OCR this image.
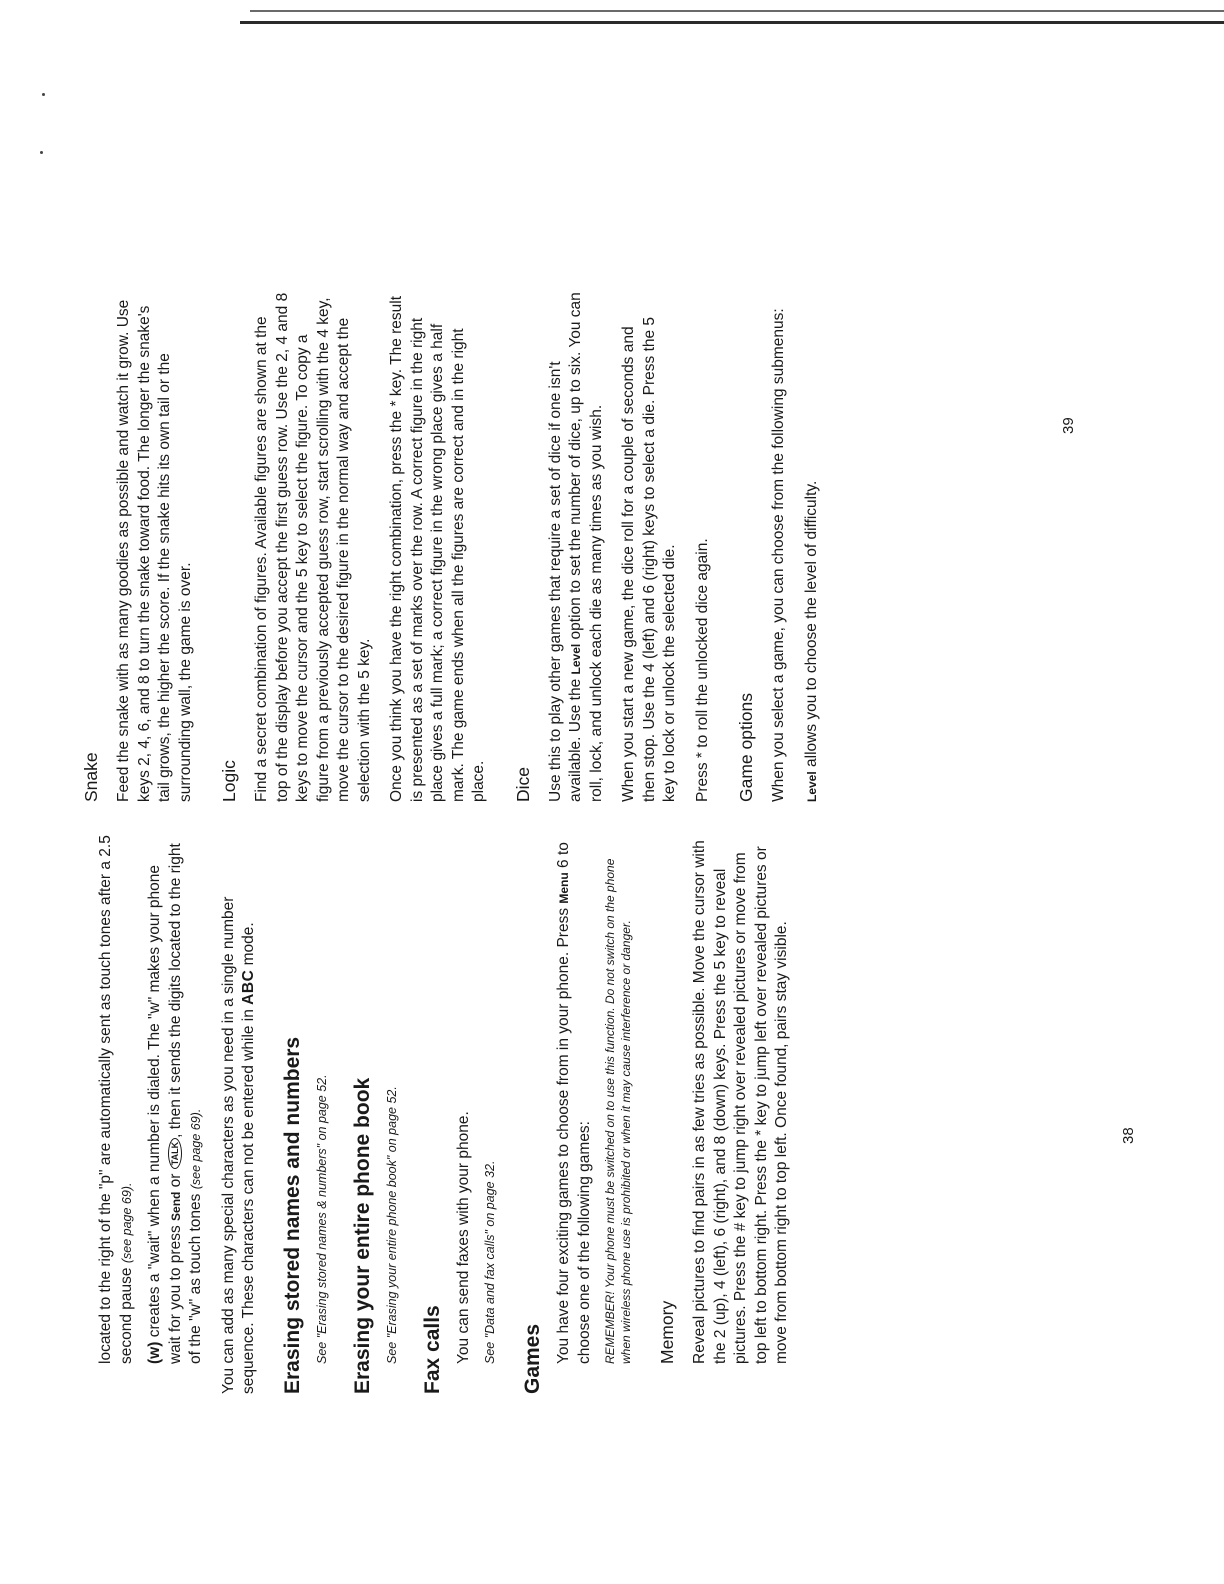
located to the right of the "p" are automatically sent as touch tones after a 2.5 second pause (see page 69).

(w) creates a "wait" when a number is dialed. The "w" makes your phone wait for you to press Send or TALK, then it sends the digits located to the right of the "w" as touch tones (see page 69). You can add as many special characters as you need in a single number sequence. These characters can not be entered while in ABC mode.

Erasing stored names and numbers See "Erasing stored names & numbers" on page 52. Erasing your entire phone book See "Erasing your entire phone book" on page 52. Fax calls You can send faxes with your phone. See "Data and fax calls" on page 32. Games You have four exciting games to choose from in your phone. Press Menu 6 to choose one of the following games: REMEMBER! Your phone must be switched on to use this function. Do not switch on the phone when wireless phone use is prohibited or when it may cause interference or danger. Memory Reveal pictures to find pairs in as few tries as possible. Move the cursor with the 2 (up), 4 (left), 6 (right), and 8 (down) keys. Press the 5 key to reveal pictures. Press the # key to jump right over revealed pictures or move from top left to bottom right. Press the * key to jump left over revealed pictures or move from bottom right to top left. Once found, pairs stay visible.	38
Snake Feed the snake with as many goodies as possible and watch it grow. Use keys 2, 4, 6, and 8 to turn the snake toward food. The longer the snake's tail grows, the higher the score. If the snake hits its own tail or the surrounding wall, the game is over. Logic Find a secret combination of figures. Available figures are shown at the top of the display before you accept the first guess row. Use the 2, 4 and 8 keys to move the cursor and the 5 key to select the figure. To copy a figure from a previously accepted guess row, start scrolling with the 4 key, move the cursor to the desired figure in the normal way and accept the selection with the 5 key. Once you think you have the right combination, press the * key. The result is presented as a set of marks over the row. A correct figure in the right place gives a full mark; a correct figure in the wrong place gives a half mark. The game ends when all the figures are correct and in the right place. Dice Use this to play other games that require a set of dice if one isn't available. Use the Level option to set the number of dice, up to six. You can roll, lock, and unlock each die as many times as you wish. When you start a new game, the dice roll for a couple of seconds and then stop. Use the 4 (left) and 6 (right) keys to select a die. Press the 5 key to lock or unlock the selected die. Press * to roll the unlocked dice again. Game options When you select a game, you can choose from the following submenus: Level allows you to choose the level of difficulty.

39
